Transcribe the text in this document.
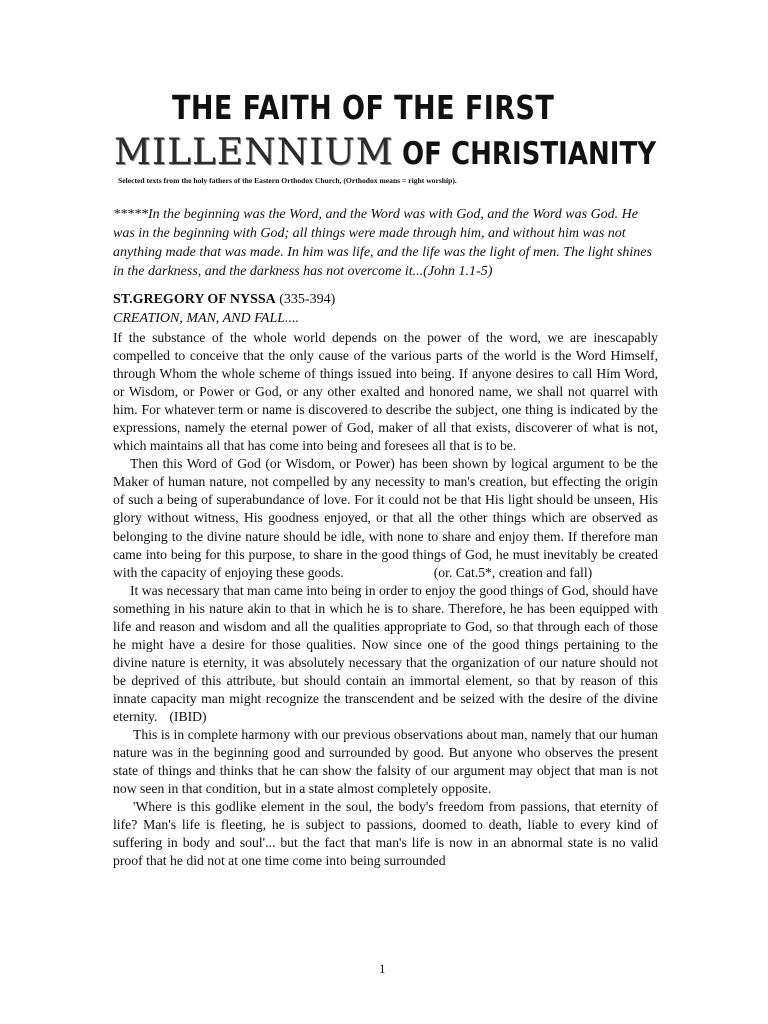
THE FAITH OF THE FIRST
MILLENNIUM OF CHRISTIANITY
Selected texts from the holy fathers of the Eastern Orthodox Church, (Orthodox means = right worship).
*****In the beginning was the Word, and the Word was with God, and the Word was God. He was in the beginning with God; all things were made through him, and without him was not anything made that was made. In him was life, and the life was the light of men. The light shines in the darkness, and the darkness has not overcome it...(John 1.1-5)
ST.GREGORY OF NYSSA (335-394)
CREATION, MAN, AND FALL....

If the substance of the whole world depends on the power of the word, we are inescapably compelled to conceive that the only cause of the various parts of the world is the Word Himself, through Whom the whole scheme of things issued into being. If anyone desires to call Him Word, or Wisdom, or Power or God, or any other exalted and honored name, we shall not quarrel with him. For whatever term or name is discovered to describe the subject, one thing is indicated by the expressions, namely the eternal power of God, maker of all that exists, discoverer of what is not, which maintains all that has come into being and foresees all that is to be.

Then this Word of God (or Wisdom, or Power) has been shown by logical argument to be the Maker of human nature, not compelled by any necessity to man's creation, but effecting the origin of such a being of superabundance of love. For it could not be that His light should be unseen, His glory without witness, His goodness enjoyed, or that all the other things which are observed as belonging to the divine nature should be idle, with none to share and enjoy them. If therefore man came into being for this purpose, to share in the good things of God, he must inevitably be created with the capacity of enjoying these goods.	(or. Cat.5*, creation and fall)

It was necessary that man came into being in order to enjoy the good things of God, should have something in his nature akin to that in which he is to share. Therefore, he has been equipped with life and reason and wisdom and all the qualities appropriate to God, so that through each of those he might have a desire for those qualities. Now since one of the good things pertaining to the divine nature is eternity, it was absolutely necessary that the organization of our nature should not be deprived of this attribute, but should contain an immortal element, so that by reason of this innate capacity man might recognize the transcendent and be seized with the desire of the divine eternity. (IBID)

This is in complete harmony with our previous observations about man, namely that our human nature was in the beginning good and surrounded by good. But anyone who observes the present state of things and thinks that he can show the falsity of our argument may object that man is not now seen in that condition, but in a state almost completely opposite.

'Where is this godlike element in the soul, the body's freedom from passions, that eternity of life? Man's life is fleeting, he is subject to passions, doomed to death, liable to every kind of suffering in body and soul'... but the fact that man's life is now in an abnormal state is no valid proof that he did not at one time come into being surrounded

1
